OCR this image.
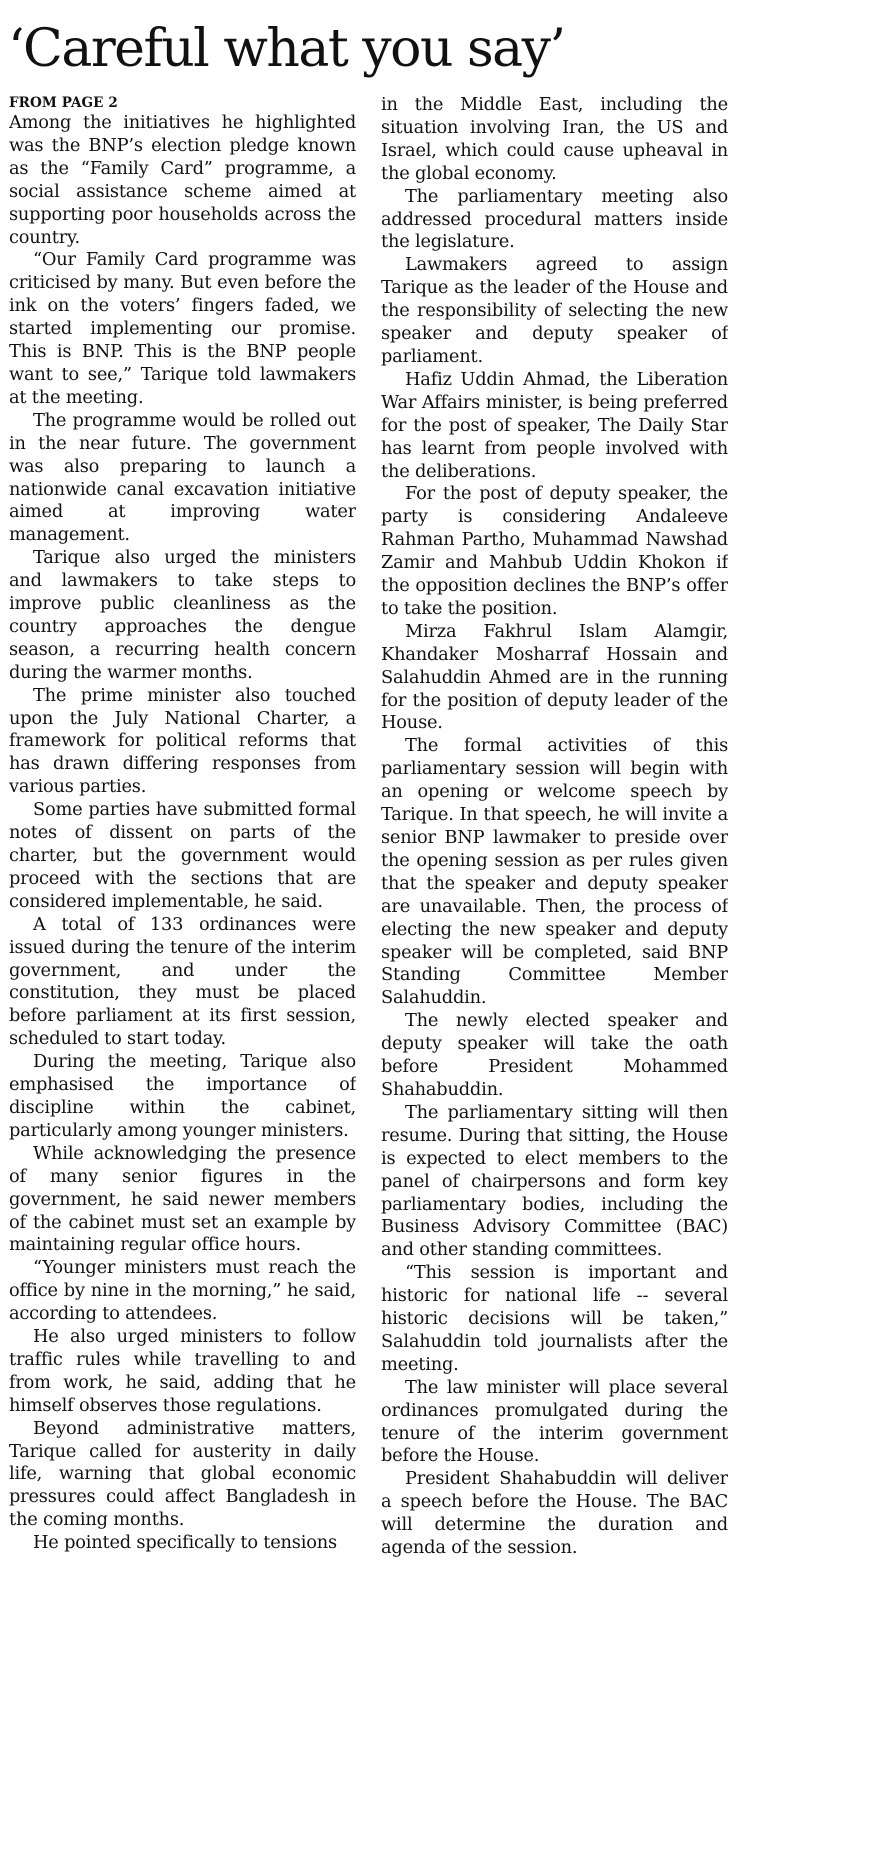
‘Careful what you say’
FROM PAGE 2

Among the initiatives he highlighted was the BNP’s election pledge known as the “Family Card” programme, a social assistance scheme aimed at supporting poor households across the country.

“Our Family Card programme was criticised by many. But even before the ink on the voters’ fingers faded, we started implementing our promise. This is BNP. This is the BNP people want to see,” Tarique told lawmakers at the meeting.

The programme would be rolled out in the near future. The government was also preparing to launch a nationwide canal excavation initiative aimed at improving water management.

Tarique also urged the ministers and lawmakers to take steps to improve public cleanliness as the country approaches the dengue season, a recurring health concern during the warmer months.

The prime minister also touched upon the July National Charter, a framework for political reforms that has drawn differing responses from various parties.

Some parties have submitted formal notes of dissent on parts of the charter, but the government would proceed with the sections that are considered implementable, he said.

A total of 133 ordinances were issued during the tenure of the interim government, and under the constitution, they must be placed before parliament at its first session, scheduled to start today.

During the meeting, Tarique also emphasised the importance of discipline within the cabinet, particularly among younger ministers.

While acknowledging the presence of many senior figures in the government, he said newer members of the cabinet must set an example by maintaining regular office hours.

“Younger ministers must reach the office by nine in the morning,” he said, according to attendees.

He also urged ministers to follow traffic rules while travelling to and from work, he said, adding that he himself observes those regulations.

Beyond administrative matters, Tarique called for austerity in daily life, warning that global economic pressures could affect Bangladesh in the coming months.

He pointed specifically to tensions

in the Middle East, including the situation involving Iran, the US and Israel, which could cause upheaval in the global economy.

The parliamentary meeting also addressed procedural matters inside the legislature.

Lawmakers agreed to assign Tarique as the leader of the House and the responsibility of selecting the new speaker and deputy speaker of parliament.

Hafiz Uddin Ahmad, the Liberation War Affairs minister, is being preferred for the post of speaker, The Daily Star has learnt from people involved with the deliberations.

For the post of deputy speaker, the party is considering Andaleeve Rahman Partho, Muhammad Nawshad Zamir and Mahbub Uddin Khokon if the opposition declines the BNP’s offer to take the position.

Mirza Fakhrul Islam Alamgir, Khandaker Mosharraf Hossain and Salahuddin Ahmed are in the running for the position of deputy leader of the House.

The formal activities of this parliamentary session will begin with an opening or welcome speech by Tarique. In that speech, he will invite a senior BNP lawmaker to preside over the opening session as per rules given that the speaker and deputy speaker are unavailable. Then, the process of electing the new speaker and deputy speaker will be completed, said BNP Standing Committee Member Salahuddin.

The newly elected speaker and deputy speaker will take the oath before President Mohammed Shahabuddin.

The parliamentary sitting will then resume. During that sitting, the House is expected to elect members to the panel of chairpersons and form key parliamentary bodies, including the Business Advisory Committee (BAC) and other standing committees.

“This session is important and historic for national life -- several historic decisions will be taken,” Salahuddin told journalists after the meeting.

The law minister will place several ordinances promulgated during the tenure of the interim government before the House.

President Shahabuddin will deliver a speech before the House. The BAC will determine the duration and agenda of the session.
